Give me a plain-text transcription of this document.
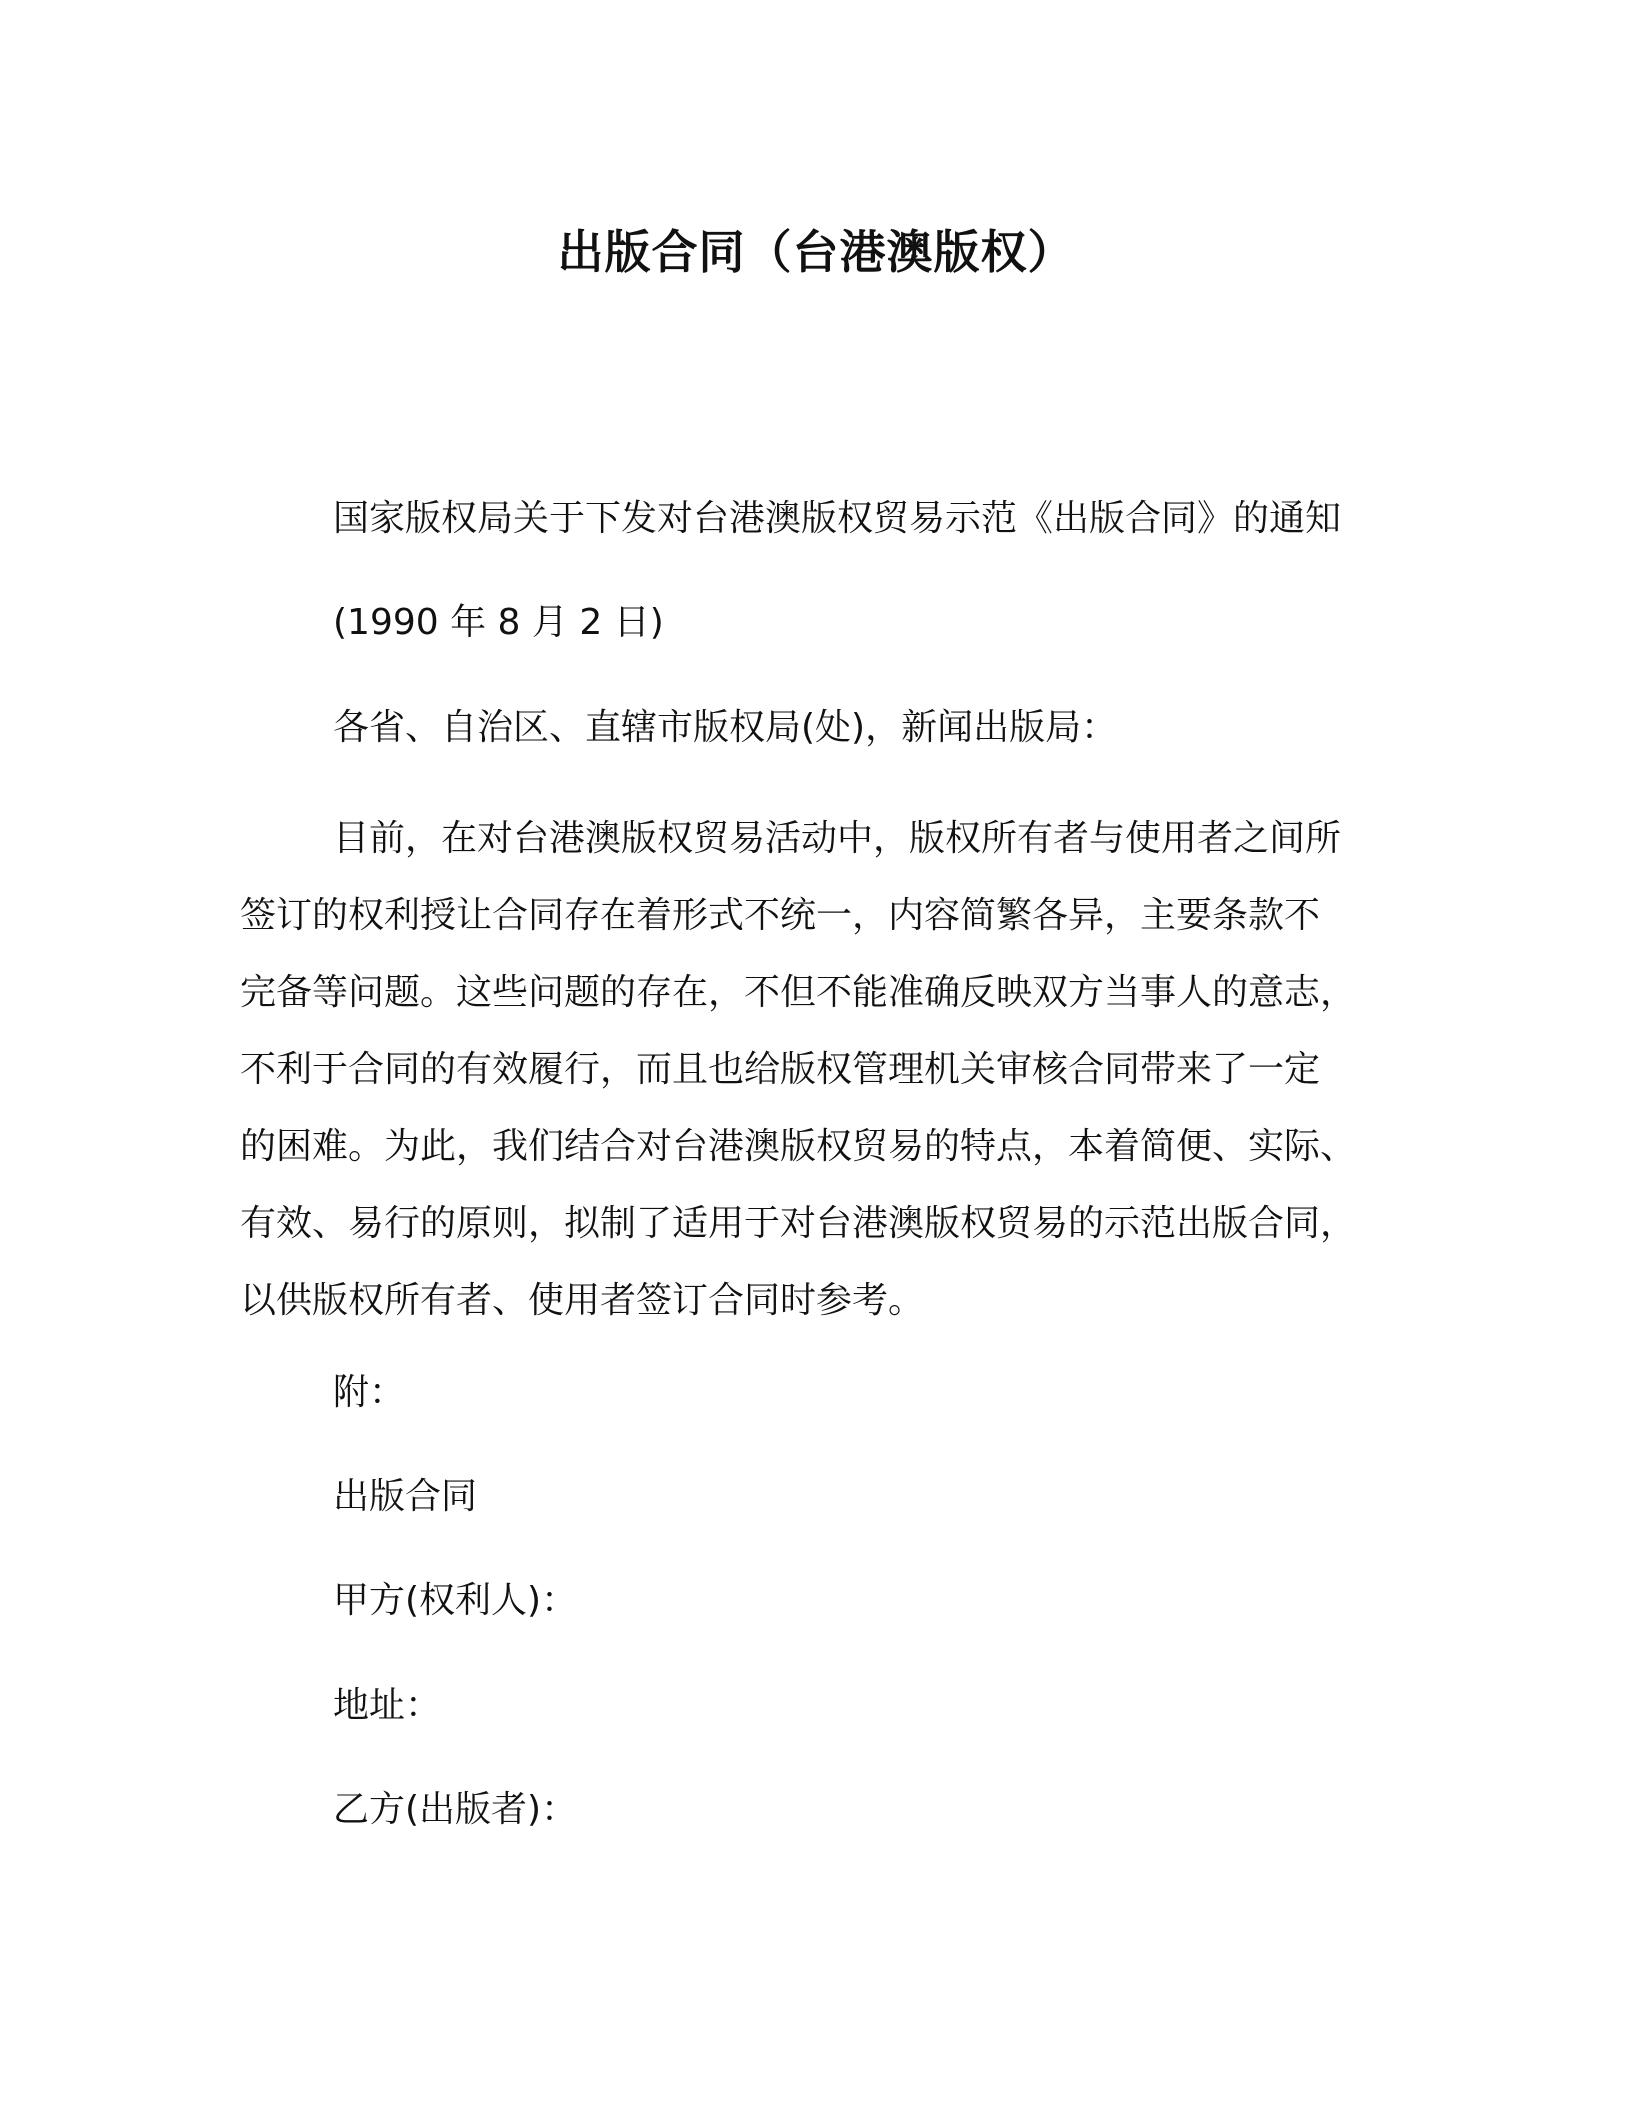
出版合同（台港澳版权）
国家版权局关于下发对台港澳版权贸易示范《出版合同》的通知
(1990 年 8 月 2 日)
各省、自治区、直辖市版权局(处)，新闻出版局：
目前，在对台港澳版权贸易活动中，版权所有者与使用者之间所
签订的权利授让合同存在着形式不统一，内容简繁各异，主要条款不
完备等问题。这些问题的存在，不但不能准确反映双方当事人的意志，
不利于合同的有效履行，而且也给版权管理机关审核合同带来了一定
的困难。为此，我们结合对台港澳版权贸易的特点，本着简便、实际、
有效、易行的原则，拟制了适用于对台港澳版权贸易的示范出版合同，
以供版权所有者、使用者签订合同时参考。
附：
出版合同
甲方(权利人)：
地址：
乙方(出版者)：
